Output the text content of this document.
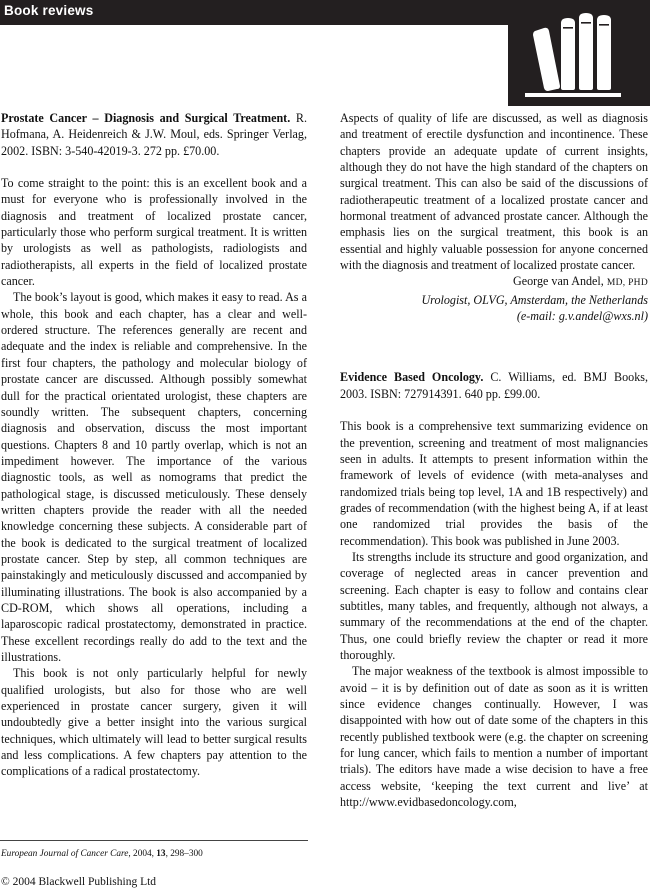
Book reviews

Prostate Cancer – Diagnosis and Surgical Treatment. R. Hofmana, A. Heidenreich & J.W. Moul, eds. Springer Verlag, 2002. ISBN: 3-540-42019-3. 272 pp. £70.00.

To come straight to the point: this is an excellent book and a must for everyone who is professionally involved in the diagnosis and treatment of localized prostate cancer, particularly those who perform surgical treatment. It is written by urologists as well as pathologists, radiologists and radiotherapists, all experts in the field of localized prostate cancer.

The book’s layout is good, which makes it easy to read. As a whole, this book and each chapter, has a clear and well-ordered structure. The references generally are recent and adequate and the index is reliable and comprehensive. In the first four chapters, the pathology and molecular biology of prostate cancer are discussed. Although possibly somewhat dull for the practical orientated urologist, these chapters are soundly written. The subsequent chapters, concerning diagnosis and observation, discuss the most important questions. Chapters 8 and 10 partly overlap, which is not an impediment however. The importance of the various diagnostic tools, as well as nomograms that predict the pathological stage, is discussed meticulously. These densely written chapters provide the reader with all the needed knowledge concerning these subjects. A considerable part of the book is dedicated to the surgical treatment of localized prostate cancer. Step by step, all common techniques are painstakingly and meticulously discussed and accompanied by illuminating illustrations. The book is also accompanied by a CD-ROM, which shows all operations, including a laparoscopic radical prostatectomy, demonstrated in practice. These excellent recordings really do add to the text and the illustrations.

This book is not only particularly helpful for newly qualified urologists, but also for those who are well experienced in prostate cancer surgery, given it will undoubtedly give a better insight into the various surgical techniques, which ultimately will lead to better surgical results and less complications. A few chapters pay attention to the complications of a radical prostatectomy.

Aspects of quality of life are discussed, as well as diagnosis and treatment of erectile dysfunction and incontinence. These chapters provide an adequate update of current insights, although they do not have the high standard of the chapters on surgical treatment. This can also be said of the discussions of radiotherapeutic treatment of a localized prostate cancer and hormonal treatment of advanced prostate cancer. Although the emphasis lies on the surgical treatment, this book is an essential and highly valuable possession for anyone concerned with the diagnosis and treatment of localized prostate cancer.

George van Andel, MD, PHD
Urologist, OLVG, Amsterdam, the Netherlands
(e-mail: g.v.andel@wxs.nl)

Evidence Based Oncology. C. Williams, ed. BMJ Books, 2003. ISBN: 727914391. 640 pp. £99.00.

This book is a comprehensive text summarizing evidence on the prevention, screening and treatment of most malignancies seen in adults. It attempts to present information within the framework of levels of evidence (with meta-analyses and randomized trials being top level, 1A and 1B respectively) and grades of recommendation (with the highest being A, if at least one randomized trial provides the basis of the recommendation). This book was published in June 2003.

Its strengths include its structure and good organization, and coverage of neglected areas in cancer prevention and screening. Each chapter is easy to follow and contains clear subtitles, many tables, and frequently, although not always, a summary of the recommendations at the end of the chapter. Thus, one could briefly review the chapter or read it more thoroughly.

The major weakness of the textbook is almost impossible to avoid – it is by definition out of date as soon as it is written since evidence changes continually. However, I was disappointed with how out of date some of the chapters in this recently published textbook were (e.g. the chapter on screening for lung cancer, which fails to mention a number of important trials). The editors have made a wise decision to have a free access website, ‘keeping the text current and live’ at http://www.evidbasedoncology.com,

European Journal of Cancer Care, 2004, 13, 298–300
© 2004 Blackwell Publishing Ltd
